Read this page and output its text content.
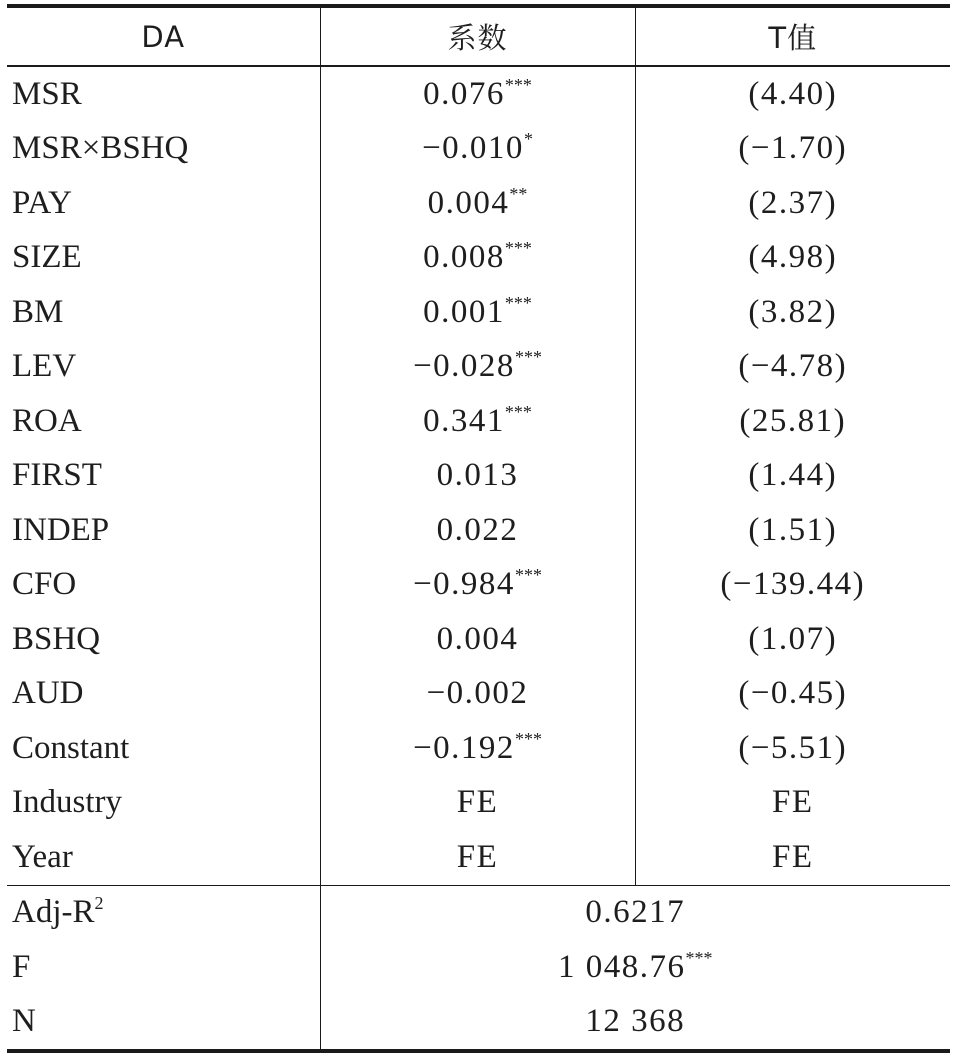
DA	系数	T值
MSR	0.076***	(4.40)
MSR×BSHQ	−0.010*	(−1.70)
PAY	0.004**	(2.37)
SIZE	0.008***	(4.98)
BM	0.001***	(3.82)
LEV	−0.028***	(−4.78)
ROA	0.341***	(25.81)
FIRST	0.013	(1.44)
INDEP	0.022	(1.51)
CFO	−0.984***	(−139.44)
BSHQ	0.004	(1.07)
AUD	−0.002	(−0.45)
Constant	−0.192***	(−5.51)
Industry	FE	FE
Year	FE	FE
Adj-$R^2$	0.6217	
F	1 048.76***
N	12 368	
